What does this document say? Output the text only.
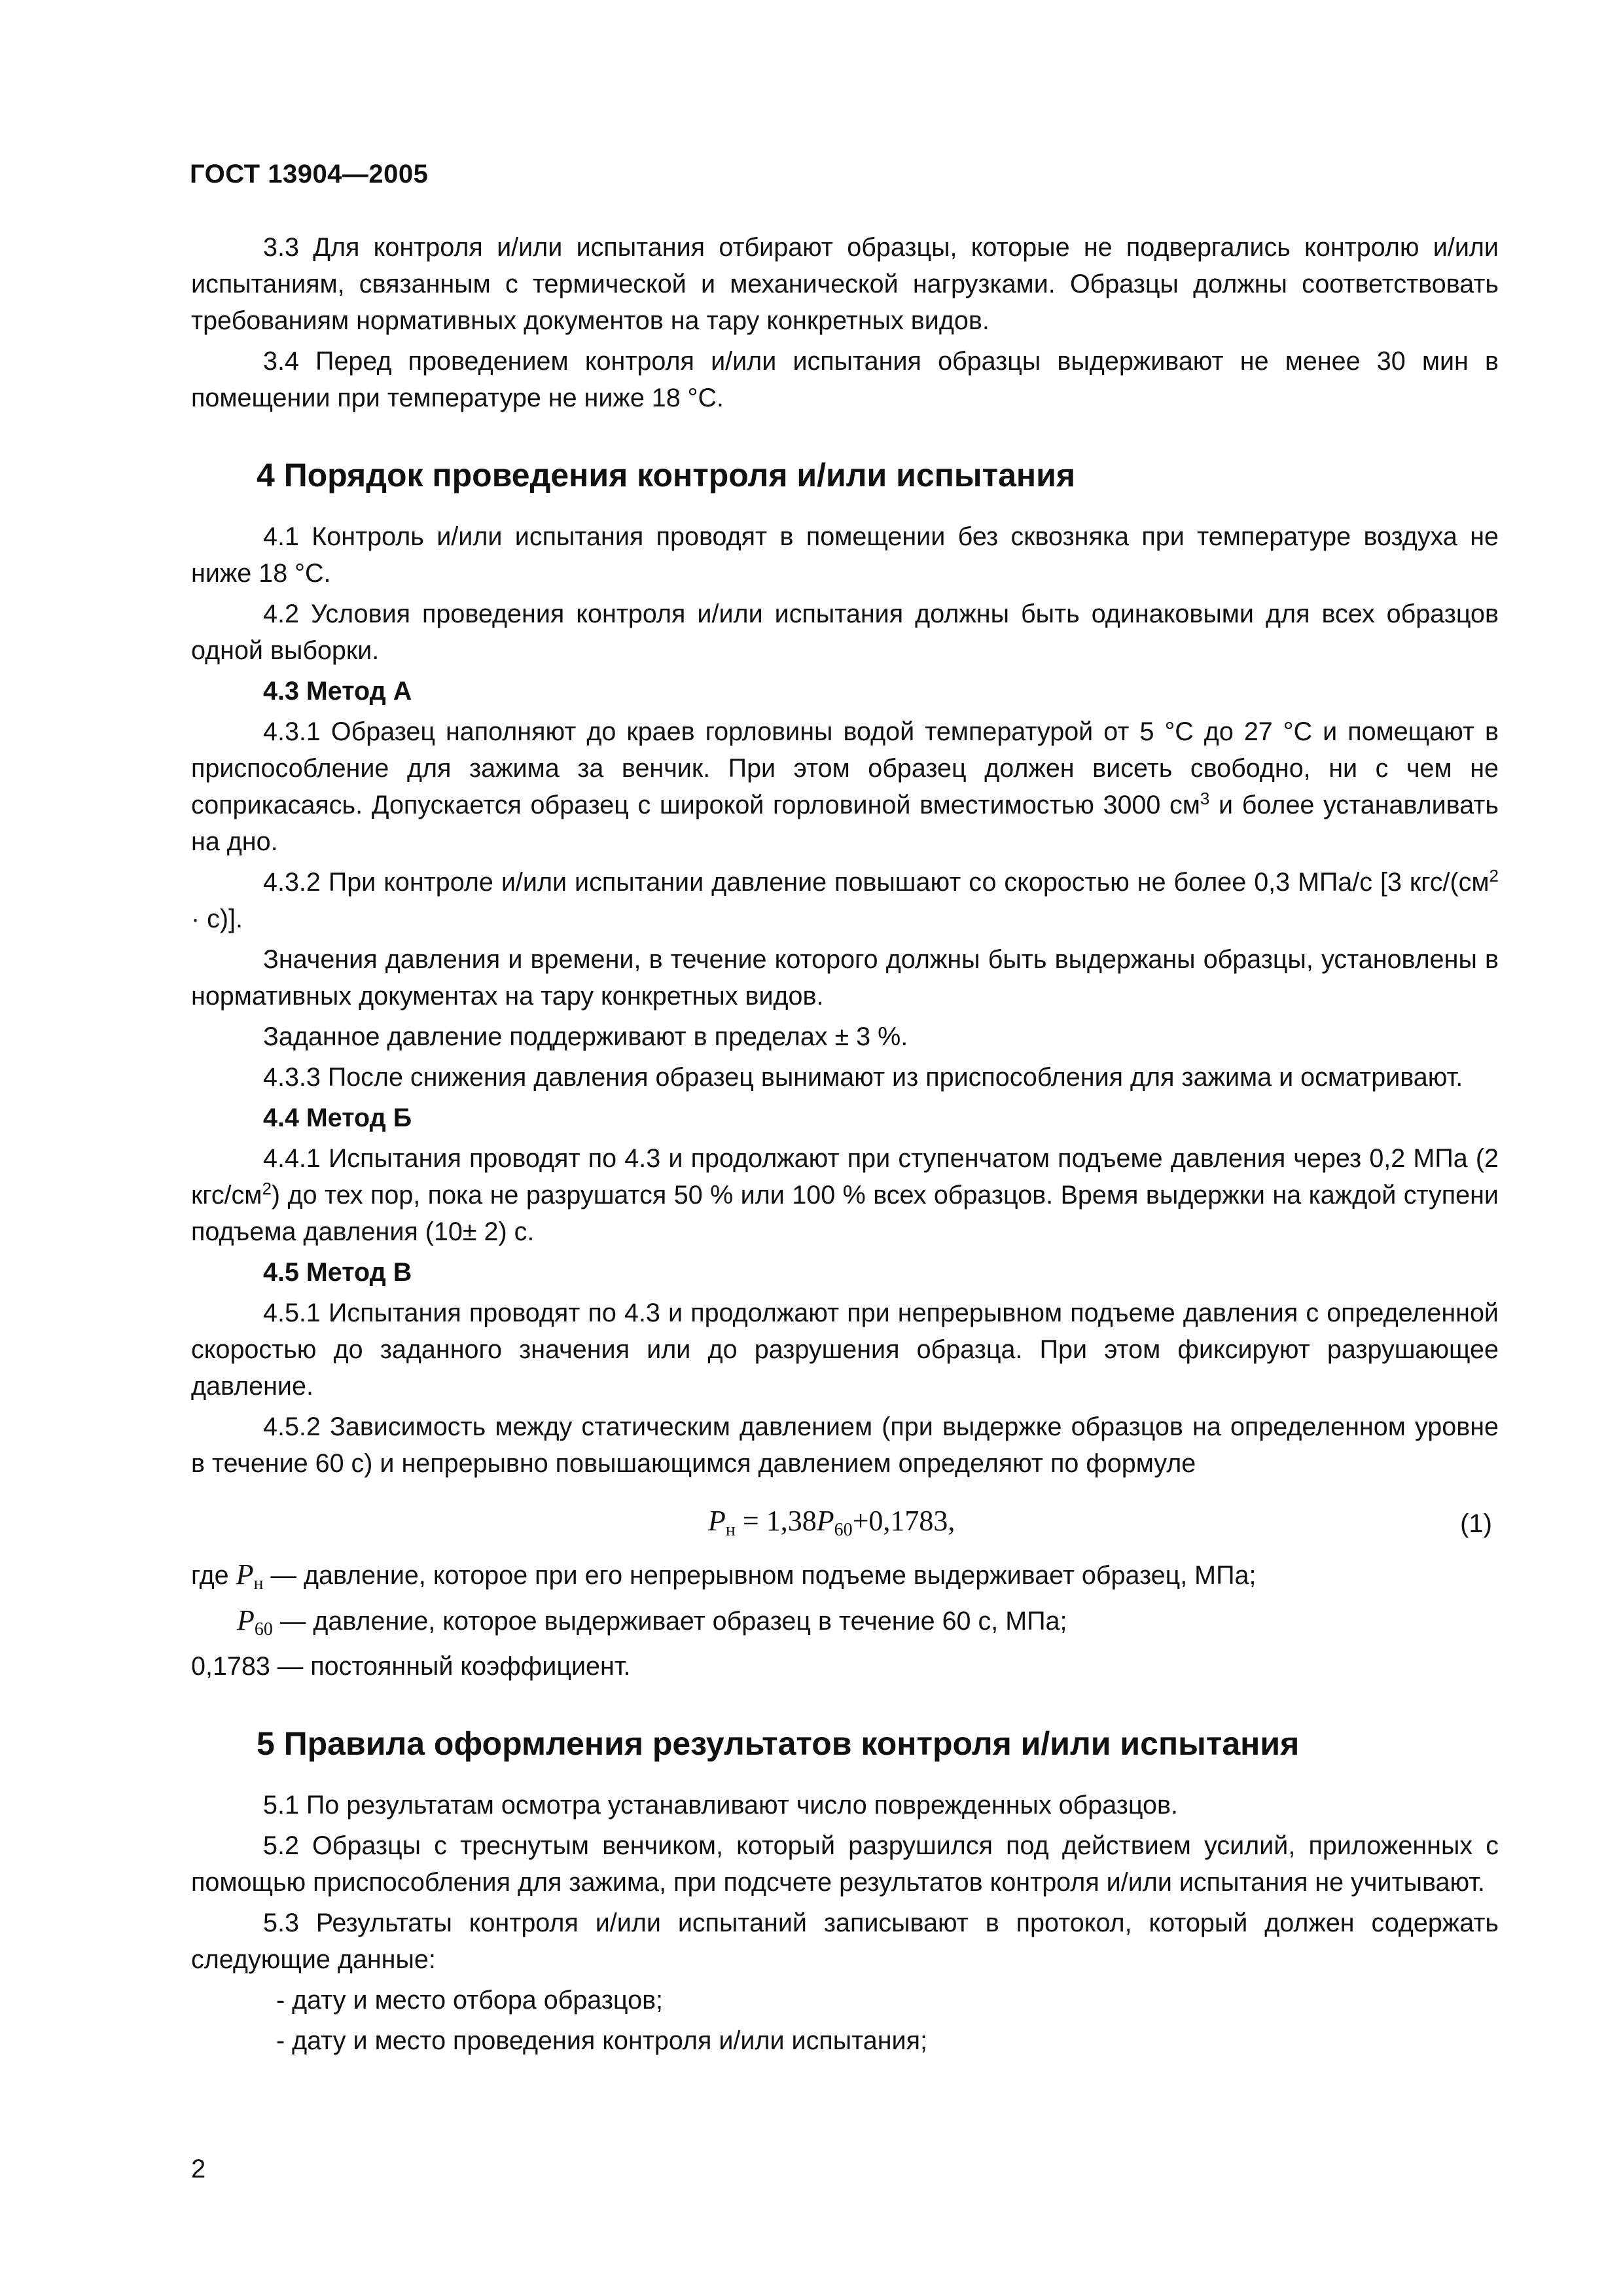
ГОСТ 13904—2005

3.3 Для контроля и/или испытания отбирают образцы, которые не подвергались контролю и/или испытаниям, связанным с термической и механической нагрузками. Образцы должны соответствовать требованиям нормативных документов на тару конкретных видов.

3.4 Перед проведением контроля и/или испытания образцы выдерживают не менее 30 мин в помещении при температуре не ниже 18 °С.

4 Порядок проведения контроля и/или испытания

4.1 Контроль и/или испытания проводят в помещении без сквозняка при температуре воздуха не ниже 18 °С.

4.2 Условия проведения контроля и/или испытания должны быть одинаковыми для всех образцов одной выборки.

4.3 Метод А

4.3.1 Образец наполняют до краев горловины водой температурой от 5 °С до 27 °С и помещают в приспособление для зажима за венчик. При этом образец должен висеть свободно, ни с чем не соприкасаясь. Допускается образец с широкой горловиной вместимостью 3000 $см^3$ и более устанавливать на дно.

4.3.2 При контроле и/или испытании давление повышают со скоростью не более 0,3 МПа/с [3 кгс/$(см^2 \cdot с)$].

Значения давления и времени, в течение которого должны быть выдержаны образцы, установлены в нормативных документах на тару конкретных видов.

Заданное давление поддерживают в пределах ± 3 %.

4.3.3 После снижения давления образец вынимают из приспособления для зажима и осматривают.

4.4 Метод Б

4.4.1 Испытания проводят по 4.3 и продолжают при ступенчатом подъеме давления через 0,2 МПа (2 кгс/$см^2$) до тех пор, пока не разрушатся 50 % или 100 % всех образцов. Время выдержки на каждой ступени подъема давления (10± 2) с.

4.5 Метод В

4.5.1 Испытания проводят по 4.3 и продолжают при непрерывном подъеме давления с определенной скоростью до заданного значения или до разрушения образца. При этом фиксируют разрушающее давление.

4.5.2 Зависимость между статическим давлением (при выдержке образцов на определенном уровне в течение 60 с) и непрерывно повышающимся давлением определяют по формуле

$P_н = 1,38P_{60}+0,1783$,	(1)

где $P_н$ — давление, которое при его непрерывном подъеме выдерживает образец, МПа;

$P_{60}$ — давление, которое выдерживает образец в течение 60 с, МПа;

0,1783 — постоянный коэффициент.

5 Правила оформления результатов контроля и/или испытания

5.1 По результатам осмотра устанавливают число поврежденных образцов.

5.2 Образцы с треснутым венчиком, который разрушился под действием усилий, приложенных с помощью приспособления для зажима, при подсчете результатов контроля и/или испытания не учитывают.

5.3 Результаты контроля и/или испытаний записывают в протокол, который должен содержать следующие данные:

- дату и место отбора образцов;

- дату и место проведения контроля и/или испытания;

2
